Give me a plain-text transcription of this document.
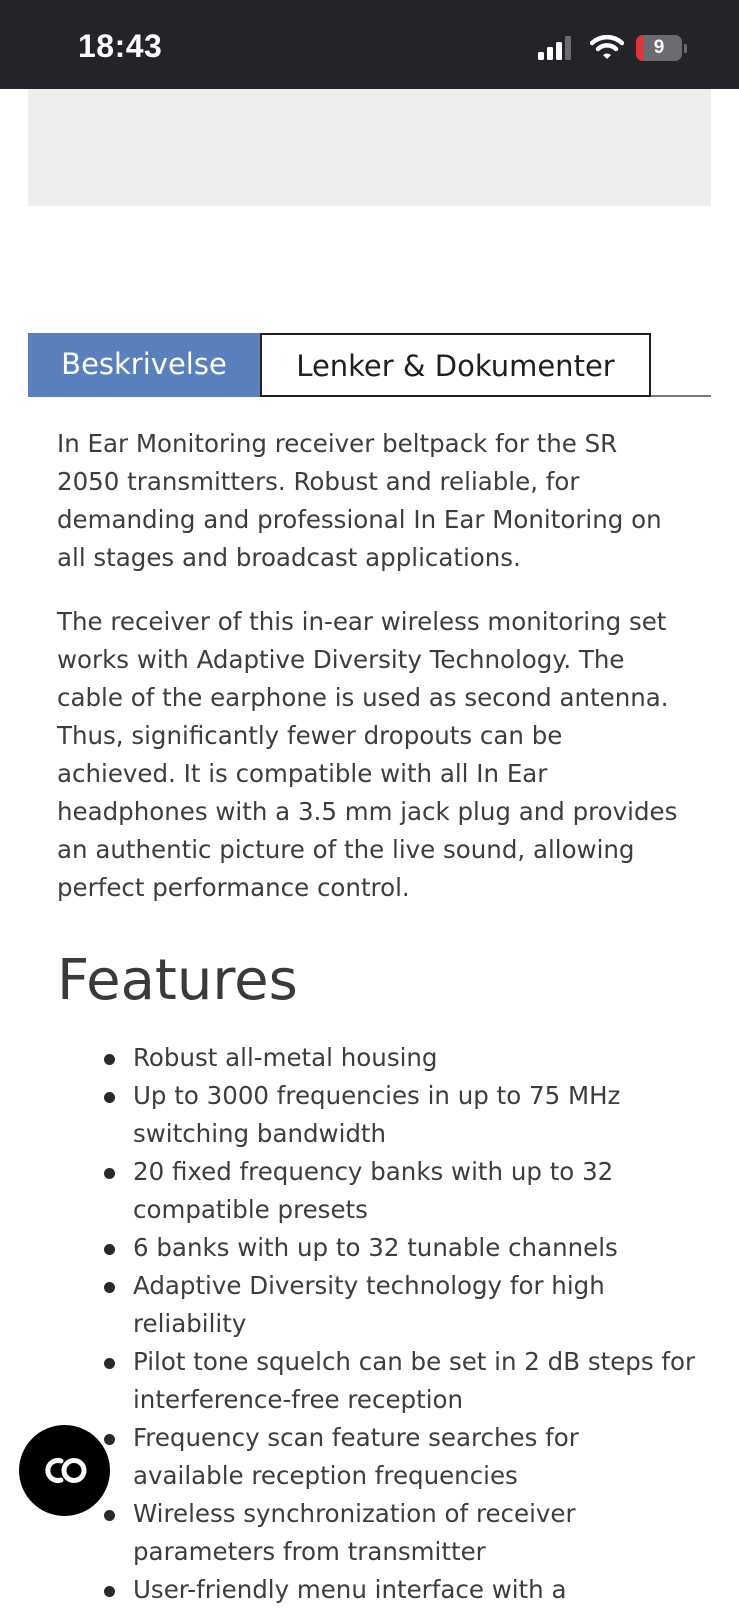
18:43	9
Beskrivelse	Lenker & Dokumenter

In Ear Monitoring receiver beltpack for the SR 2050 transmitters. Robust and reliable, for demanding and professional In Ear Monitoring on all stages and broadcast applications.

The receiver of this in-ear wireless monitoring set works with Adaptive Diversity Technology. The cable of the earphone is used as second antenna. Thus, significantly fewer dropouts can be achieved. It is compatible with all In Ear headphones with a 3.5 mm jack plug and provides an authentic picture of the live sound, allowing perfect performance control.

Features
Robust all-metal housing
Up to 3000 frequencies in up to 75 MHz switching bandwidth
20 fixed frequency banks with up to 32 compatible presets
6 banks with up to 32 tunable channels
Adaptive Diversity technology for high reliability
Pilot tone squelch can be set in 2 dB steps for interference-free reception
Frequency scan feature searches for available reception frequencies
Wireless synchronization of receiver parameters from transmitter
User-friendly menu interface with a
